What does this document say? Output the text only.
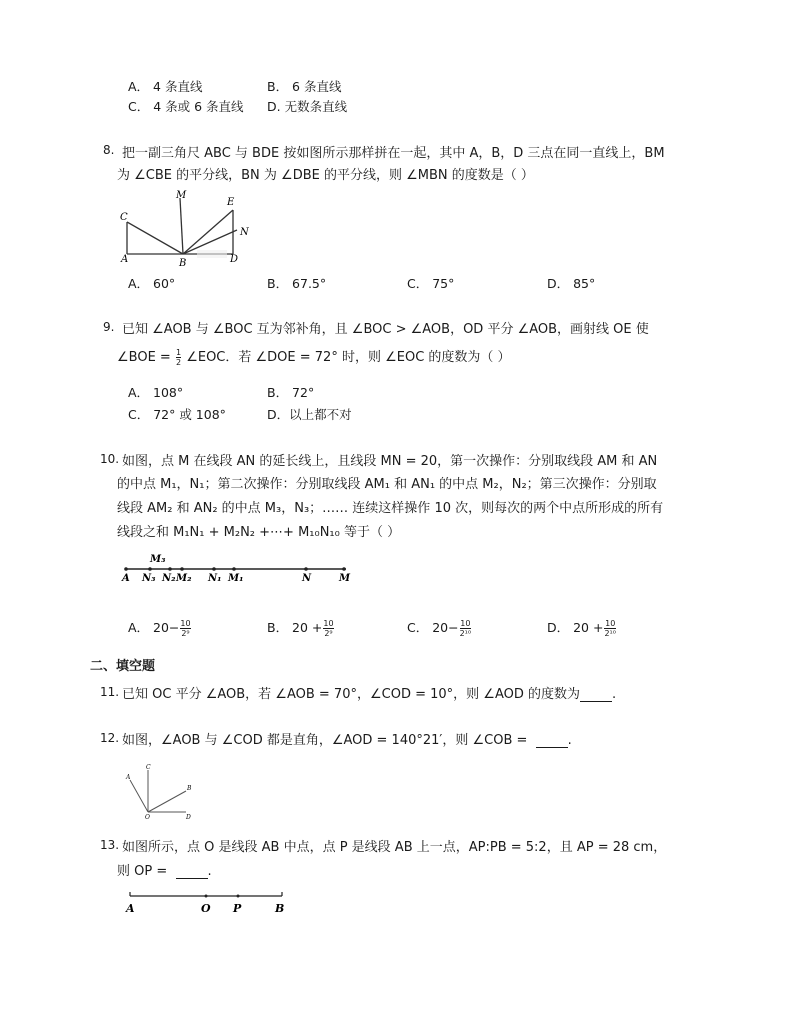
A． 4 条直线	B． 6 条直线
C． 4 条或 6 条直线 D. 无数条直线
8. 把一副三角尺 ABC 与 BDE 按如图所示那样拼在一起，其中 A，B，D 三点在同一直线上，BM
为 ∠CBE 的平分线，BN 为 ∠DBE 的平分线，则 ∠MBN 的度数是（ ）
C
M
E
N
A	B	D
A． 60°	B． 67.5°	C． 75°	D． 85°
9. 已知 ∠AOB 与 ∠BOC 互为邻补角，且 ∠BOC > ∠AOB，OD 平分 ∠AOB，画射线 OE 使
∠BOE = $\frac{1}{2}$ ∠EOC．若 ∠DOE = 72° 时，则 ∠EOC 的度数为（ ）
A． 108°	B． 72°
C． 72° 或 108°	D．以上都不对
10. 如图，点 M 在线段 AN 的延长线上，且线段 MN = 20，第一次操作：分别取线段 AM 和 AN
的中点 M₁，N₁；第二次操作：分别取线段 AM₁ 和 AN₁ 的中点 M₂，N₂；第三次操作：分别取
线段 AM₂ 和 AN₂ 的中点 M₃，N₃；…… 连续这样操作 10 次，则每次的两个中点所形成的所有
线段之和 M₁N₁ + M₂N₂ +⋯+ M₁₀N₁₀ 等于（ ）
A N₃ N₂ M₂ N₁ M₁	N	M
M₃
A． $20- \frac{10}{\text{2⁹}}$	B． $20 + \frac{10}{\text{2⁹}}$	C． $20- \frac{10}{\text{2¹⁰}}$	D． $20 + \frac{10}{\text{2¹⁰}}$
二、填空题
11. 已知 OC 平分 ∠AOB，若 ∠AOB = 70°，∠COD = 10°，则 ∠AOD 的度数为 .
12. 如图，∠AOB 与 ∠COD 都是直角，∠AOD = 140°21′，则 ∠COB =	.
C
A
B
O	D
13. 如图所示，点 O 是线段 AB 中点，点 P 是线段 AB 上一点，AP:PB = 5:2，且 AP = 28 cm，
则 OP =	.
A	O P	B
